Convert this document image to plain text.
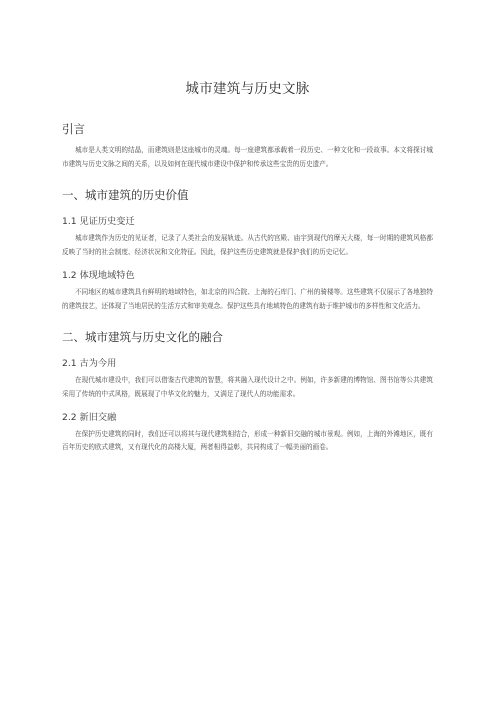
城市建筑与历史文脉
引言

城市是人类文明的结晶，而建筑则是这座城市的灵魂。每一座建筑都承载着一段历史、一种文化和一段故事。本文将探讨城市建筑与历史文脉之间的关系，以及如何在现代城市建设中保护和传承这些宝贵的历史遗产。

一、城市建筑的历史价值
1.1 见证历史变迁

城市建筑作为历史的见证者，记录了人类社会的发展轨迹。从古代的宫殿、庙宇到现代的摩天大楼，每一时期的建筑风格都反映了当时的社会制度、经济状况和文化特征。因此，保护这些历史建筑就是保护我们的历史记忆。

1.2 体现地域特色

不同地区的城市建筑具有鲜明的地域特色，如北京的四合院、上海的石库门、广州的骑楼等。这些建筑不仅展示了各地独特的建筑技艺，还体现了当地居民的生活方式和审美观念。保护这些具有地域特色的建筑有助于维护城市的多样性和文化活力。

二、城市建筑与历史文化的融合
2.1 古为今用

在现代城市建设中，我们可以借鉴古代建筑的智慧，将其融入现代设计之中。例如，许多新建的博物馆、图书馆等公共建筑采用了传统的中式风格，既展现了中华文化的魅力，又满足了现代人的功能需求。

2.2 新旧交融

在保护历史建筑的同时，我们还可以将其与现代建筑相结合，形成一种新旧交融的城市景观。例如，上海的外滩地区，既有百年历史的欧式建筑，又有现代化的高楼大厦，两者相得益彰，共同构成了一幅美丽的画卷。
